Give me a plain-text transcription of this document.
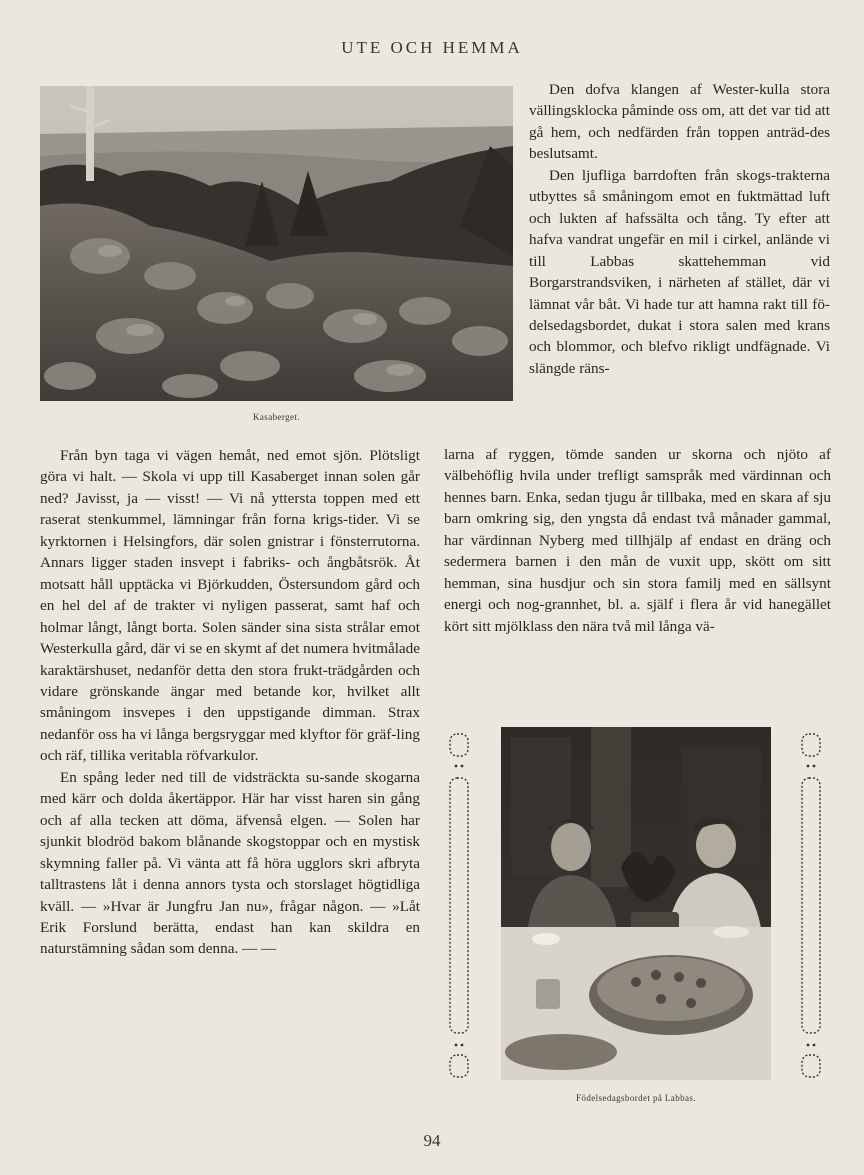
UTE OCH HEMMA
Kasaberget.

Den dofva klangen af Wester-kulla stora vällingsklocka påminde oss om, att det var tid att gå hem, och nedfärden från toppen anträd-des beslutsamt.

Den ljufliga barrdoften från skogs-trakterna utbyttes så småningom emot en fuktmättad luft och lukten af hafssälta och tång. Ty efter att hafva vandrat ungefär en mil i cirkel, anlände vi till Labbas skattehemman vid Borgarstrandsviken, i närheten af stället, där vi lämnat vår båt. Vi hade tur att hamna rakt till fö-delsedagsbordet, dukat i stora salen med krans och blommor, och blefvo rikligt undfägnade. Vi slängde räns-

Från byn taga vi vägen hemåt, ned emot sjön. Plötsligt göra vi halt. — Skola vi upp till Kasaberget innan solen går ned? Javisst, ja — visst! — Vi nå yttersta toppen med ett raserat stenkummel, lämningar från forna krigs-tider. Vi se kyrktornen i Helsingfors, där solen gnistrar i fönsterrutorna. Annars ligger staden insvept i fabriks- och ångbåtsrök. Åt motsatt håll upptäcka vi Björkudden, Östersundom gård och en hel del af de trakter vi nyligen passerat, samt haf och holmar långt, långt borta. Solen sänder sina sista strålar emot Westerkulla gård, där vi se en skymt af det numera hvitmålade karaktärshuset, nedanför detta den stora frukt-trädgården och vidare grönskande ängar med betande kor, hvilket allt småningom insvepes i den uppstigande dimman. Strax nedanför oss ha vi långa bergsryggar med klyftor för gräf-ling och räf, tillika veritabla röfvarkulor.

En spång leder ned till de vidsträckta su-sande skogarna med kärr och dolda åkertäppor. Här har visst haren sin gång och af alla tecken att döma, äfvenså elgen. — Solen har sjunkit blodröd bakom blånande skogstoppar och en mystisk skymning faller på. Vi vänta att få höra ugglors skri afbryta talltrastens låt i denna annors tysta och storslaget högtidliga kväll. — »Hvar är Jungfru Jan nu», frågar någon. — »Låt Erik Forslund berätta, endast han kan skildra en naturstämning sådan som denna. — —

larna af ryggen, tömde sanden ur skorna och njöto af välbehöflig hvila under trefligt samspråk med värdinnan och hennes barn. Enka, sedan tjugu år tillbaka, med en skara af sju barn omkring sig, den yngsta då endast två månader gammal, har värdinnan Nyberg med tillhjälp af endast en dräng och sedermera barnen i den mån de vuxit upp, skött om sitt hemman, sina husdjur och sin stora familj med en sällsynt energi och nog-grannhet, bl. a. själf i flera år vid hanegället kört sitt mjölklass den nära två mil långa vä-

Födelsedagsbordet på Labbas.
94
